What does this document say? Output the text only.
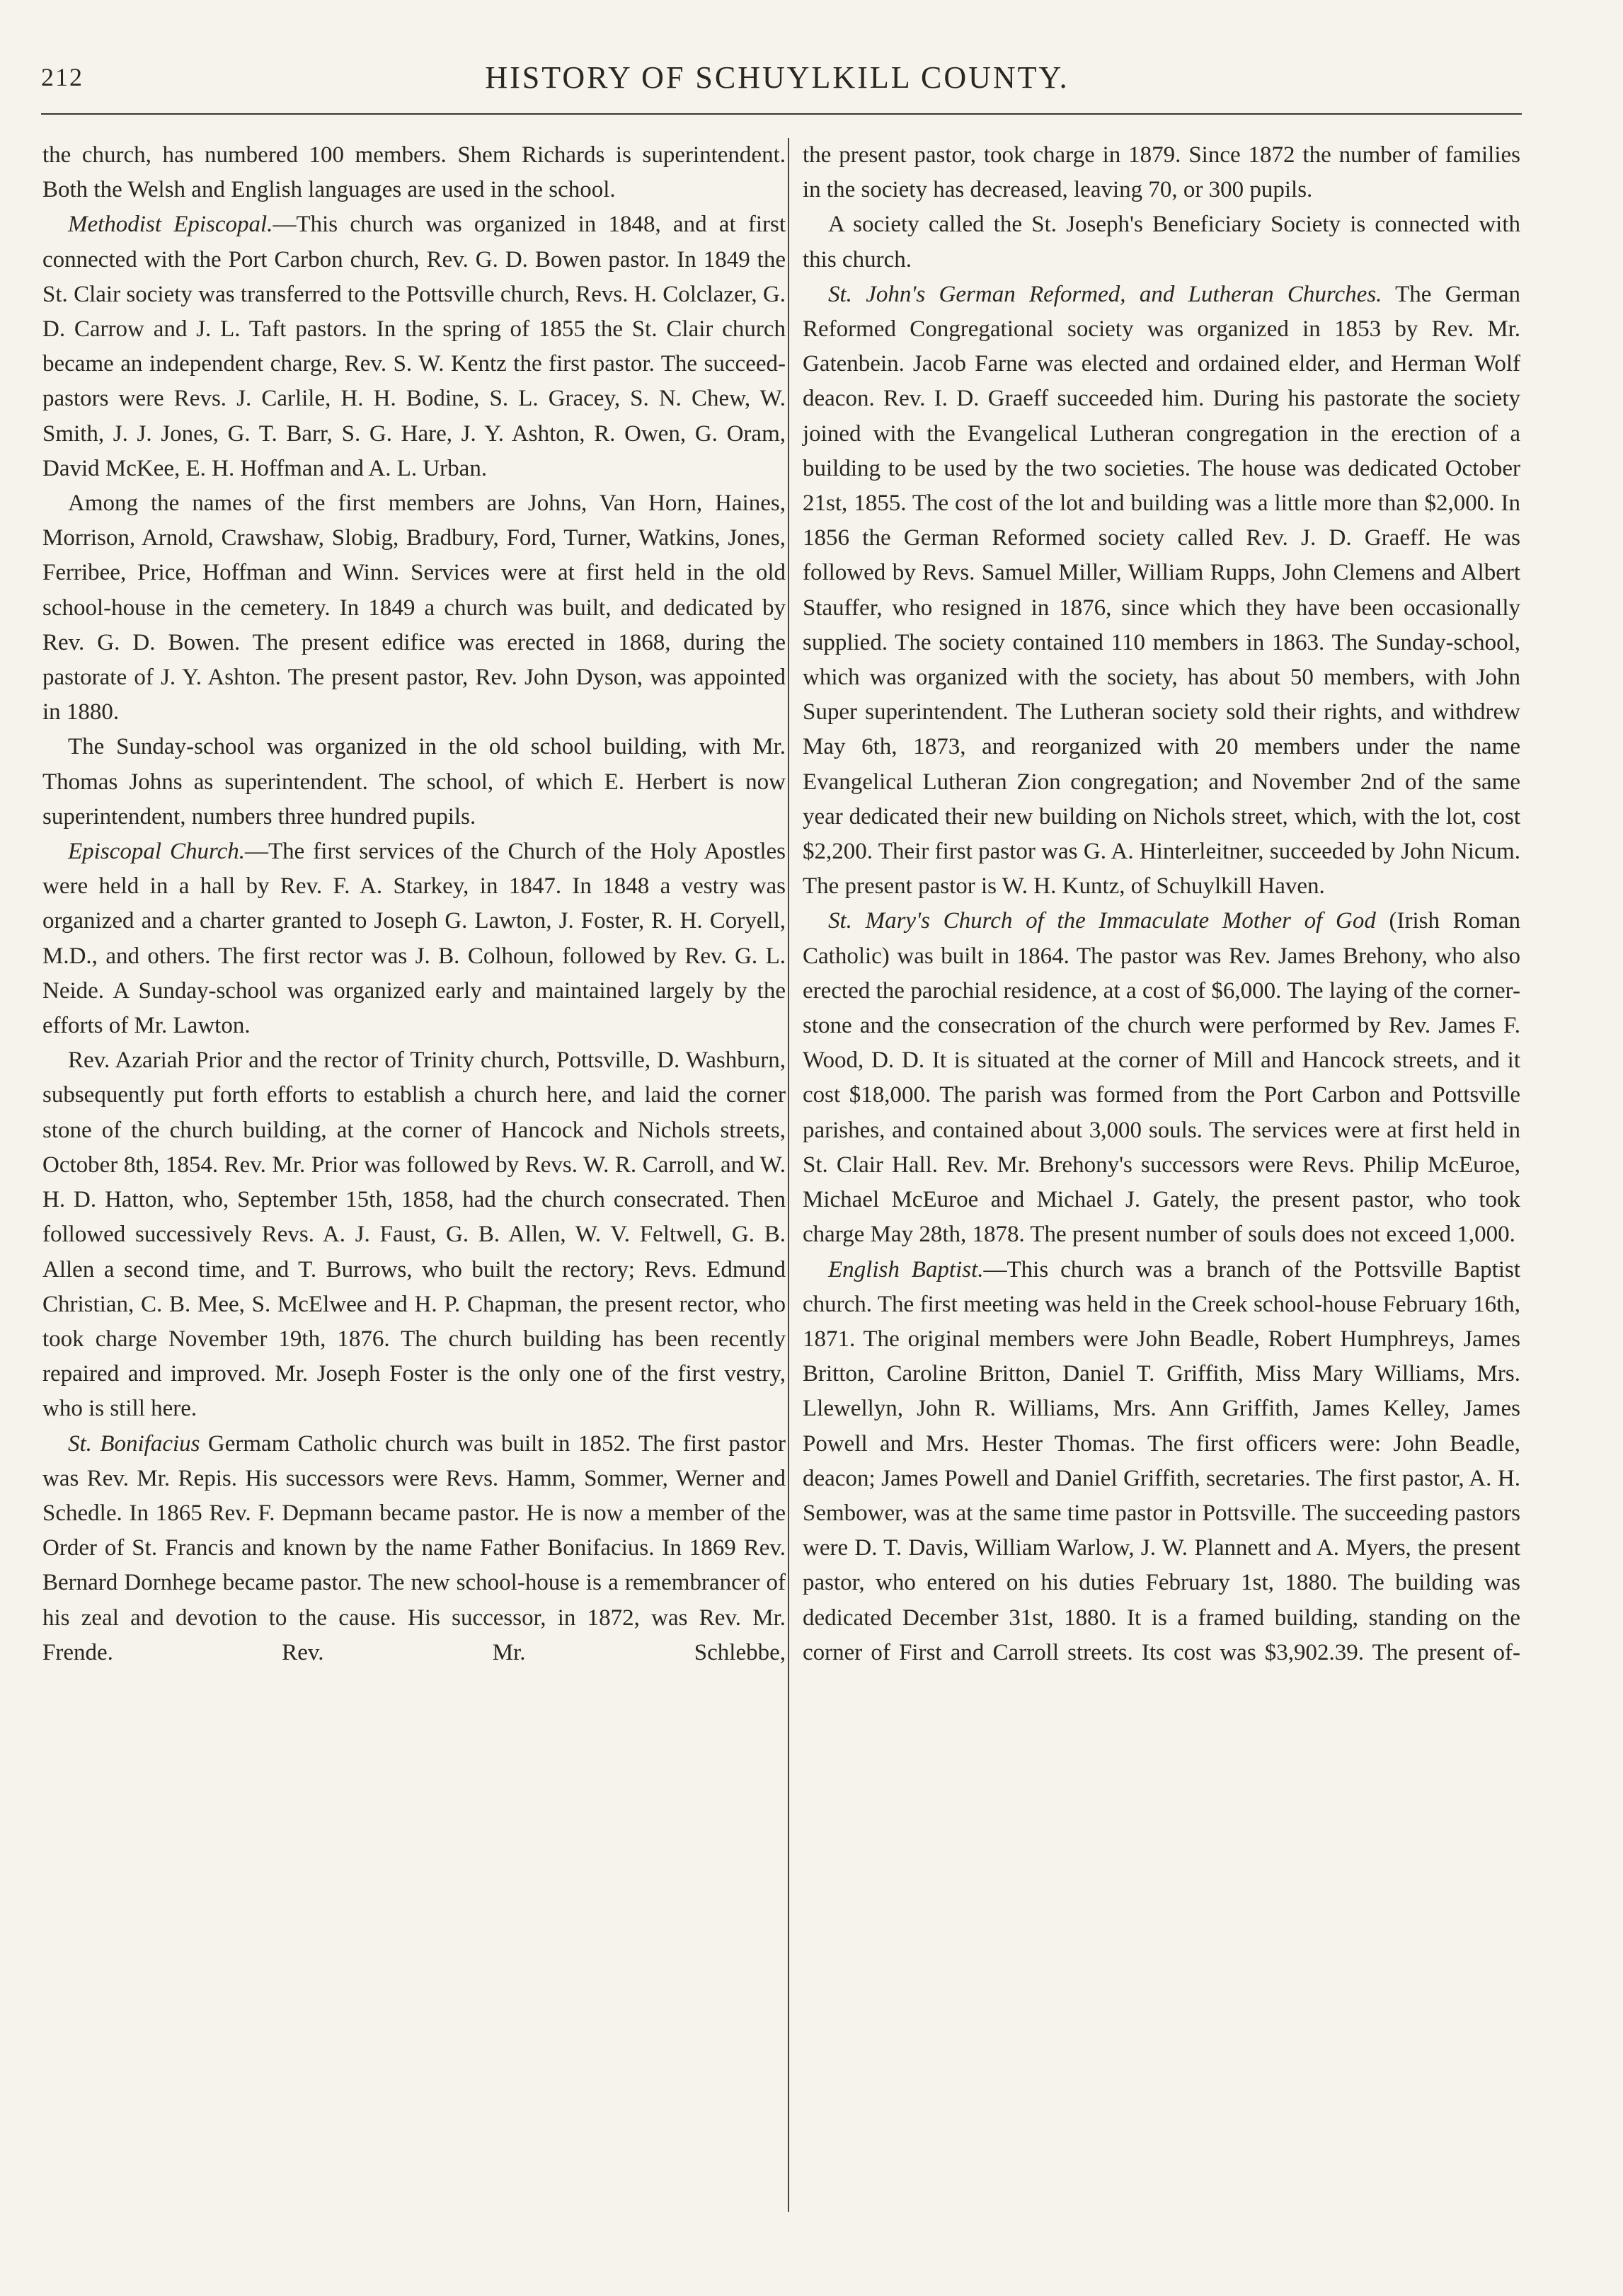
212	HISTORY OF SCHUYLKILL COUNTY.

the church, has numbered 100 members. Shem Richards is superintendent. Both the Welsh and English languages are used in the school.

Methodist Episcopal.—This church was organized in 1848, and at first connected with the Port Carbon church, Rev. G. D. Bowen pastor. In 1849 the St. Clair society was transferred to the Pottsville church, Revs. H. Colclazer, G. D. Carrow and J. L. Taft pastors. In the spring of 1855 the St. Clair church became an independent charge, Rev. S. W. Kentz the first pastor. The succeed- pastors were Revs. J. Carlile, H. H. Bodine, S. L. Gracey, S. N. Chew, W. Smith, J. J. Jones, G. T. Barr, S. G. Hare, J. Y. Ashton, R. Owen, G. Oram, David McKee, E. H. Hoffman and A. L. Urban.

Among the names of the first members are Johns, Van Horn, Haines, Morrison, Arnold, Crawshaw, Slobig, Bradbury, Ford, Turner, Watkins, Jones, Ferribee, Price, Hoffman and Winn. Services were at first held in the old school-house in the cemetery. In 1849 a church was built, and dedicated by Rev. G. D. Bowen. The present edifice was erected in 1868, during the pastorate of J. Y. Ashton. The present pastor, Rev. John Dyson, was appointed in 1880.

The Sunday-school was organized in the old school building, with Mr. Thomas Johns as superintendent. The school, of which E. Herbert is now superintendent, numbers three hundred pupils.

Episcopal Church.—The first services of the Church of the Holy Apostles were held in a hall by Rev. F. A. Starkey, in 1847. In 1848 a vestry was organized and a charter granted to Joseph G. Lawton, J. Foster, R. H. Coryell, M.D., and others. The first rector was J. B. Colhoun, followed by Rev. G. L. Neide. A Sunday-school was organized early and maintained largely by the efforts of Mr. Lawton.

Rev. Azariah Prior and the rector of Trinity church, Pottsville, D. Washburn, subsequently put forth efforts to establish a church here, and laid the corner stone of the church building, at the corner of Hancock and Nichols streets, October 8th, 1854. Rev. Mr. Prior was followed by Revs. W. R. Carroll, and W. H. D. Hatton, who, September 15th, 1858, had the church consecrated. Then followed successively Revs. A. J. Faust, G. B. Allen, W. V. Feltwell, G. B. Allen a second time, and T. Burrows, who built the rectory; Revs. Edmund Christian, C. B. Mee, S. McElwee and H. P. Chapman, the present rector, who took charge November 19th, 1876. The church building has been recently repaired and improved. Mr. Joseph Foster is the only one of the first vestry, who is still here.

St. Bonifacius Germam Catholic church was built in 1852. The first pastor was Rev. Mr. Repis. His successors were Revs. Hamm, Sommer, Werner and Schedle. In 1865 Rev. F. Depmann became pastor. He is now a member of the Order of St. Francis and known by the name Father Bonifacius. In 1869 Rev. Bernard Dornhege became pastor. The new school-house is a remembrancer of his zeal and devotion to the cause. His successor, in 1872, was Rev. Mr. Frende. Rev. Mr. Schlebbe,

the present pastor, took charge in 1879. Since 1872 the number of families in the society has decreased, leaving 70, or 300 pupils.

A society called the St. Joseph's Beneficiary Society is connected with this church.

St. John's German Reformed, and Lutheran Churches. The German Reformed Congregational society was organized in 1853 by Rev. Mr. Gatenbein. Jacob Farne was elected and ordained elder, and Herman Wolf deacon. Rev. I. D. Graeff succeeded him. During his pastorate the society joined with the Evangelical Lutheran congregation in the erection of a building to be used by the two societies. The house was dedicated October 21st, 1855. The cost of the lot and building was a little more than $2,000. In 1856 the German Reformed society called Rev. J. D. Graeff. He was followed by Revs. Samuel Miller, William Rupps, John Clemens and Albert Stauffer, who resigned in 1876, since which they have been occasionally supplied. The society contained 110 members in 1863. The Sunday-school, which was organized with the society, has about 50 members, with John Super superintendent. The Lutheran society sold their rights, and withdrew May 6th, 1873, and reorganized with 20 members under the name Evangelical Lutheran Zion congregation; and November 2nd of the same year dedicated their new building on Nichols street, which, with the lot, cost $2,200. Their first pastor was G. A. Hinterleitner, succeeded by John Nicum. The present pastor is W. H. Kuntz, of Schuylkill Haven.

St. Mary's Church of the Immaculate Mother of God (Irish Roman Catholic) was built in 1864. The pastor was Rev. James Brehony, who also erected the parochial residence, at a cost of $6,000. The laying of the corner-stone and the consecration of the church were performed by Rev. James F. Wood, D. D. It is situated at the corner of Mill and Hancock streets, and it cost $18,000. The parish was formed from the Port Carbon and Pottsville parishes, and contained about 3,000 souls. The services were at first held in St. Clair Hall. Rev. Mr. Brehony's successors were Revs. Philip McEuroe, Michael McEuroe and Michael J. Gately, the present pastor, who took charge May 28th, 1878. The present number of souls does not exceed 1,000.

English Baptist.—This church was a branch of the Pottsville Baptist church. The first meeting was held in the Creek school-house February 16th, 1871. The original members were John Beadle, Robert Humphreys, James Britton, Caroline Britton, Daniel T. Griffith, Miss Mary Williams, Mrs. Llewellyn, John R. Williams, Mrs. Ann Griffith, James Kelley, James Powell and Mrs. Hester Thomas. The first officers were: John Beadle, deacon; James Powell and Daniel Griffith, secretaries. The first pastor, A. H. Sembower, was at the same time pastor in Pottsville. The succeeding pastors were D. T. Davis, William Warlow, J. W. Plannett and A. Myers, the present pastor, who entered on his duties February 1st, 1880. The building was dedicated December 31st, 1880. It is a framed building, standing on the corner of First and Carroll streets. Its cost was $3,902.39. The present of-
